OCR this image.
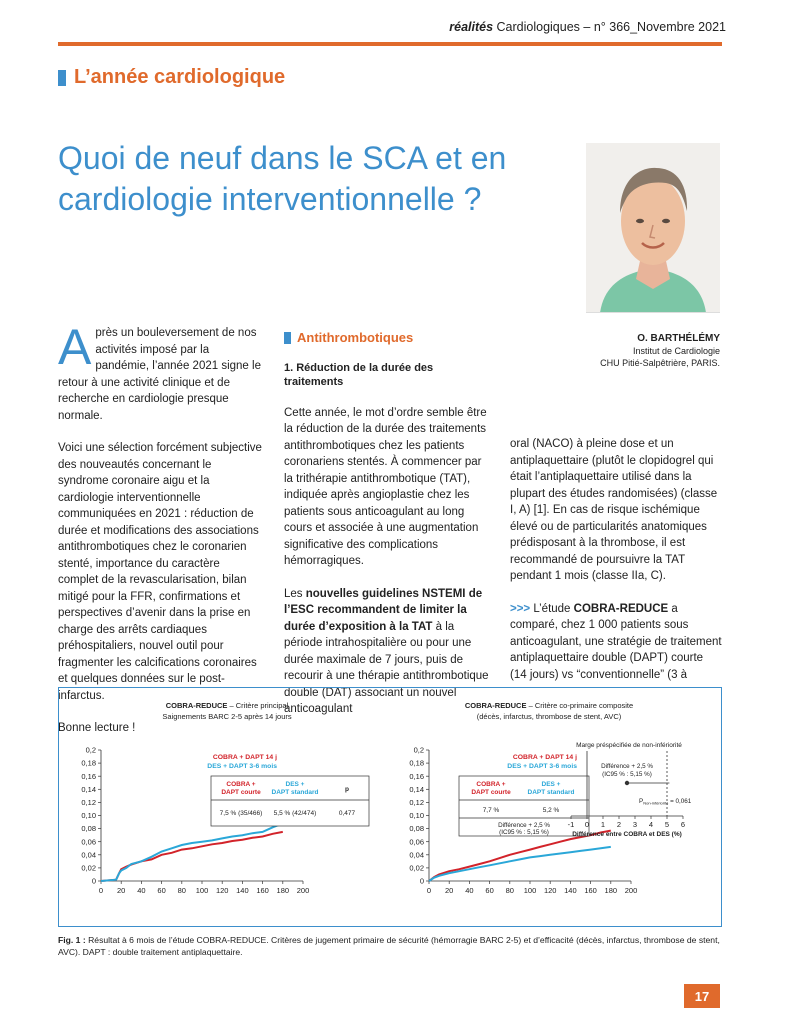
réalités Cardiologiques – n° 366_Novembre 2021
L’année cardiologique
Quoi de neuf dans le SCA et en cardiologie interventionnelle ?
O. BARTHÉLÉMY
Institut de Cardiologie
CHU Pitié-Salpêtrière, PARIS.

Après un bouleversement de nos activités imposé par la pandémie, l’année 2021 signe le retour à une activité clinique et de recherche en cardiologie presque normale.

Voici une sélection forcément subjective des nouveautés concernant le syndrome coronaire aigu et la cardiologie interventionnelle communiquées en 2021 : réduction de durée et modifications des associations antithrombotiques chez le coronarien stenté, importance du caractère complet de la revascularisation, bilan mitigé pour la FFR, confirmations et perspectives d’avenir dans la prise en charge des arrêts cardiaques préhospitaliers, nouvel outil pour fragmenter les calcifications coronaires et quelques données sur le post-infarctus.

Bonne lecture !

Antithrombotiques
1. Réduction de la durée des traitements

Cette année, le mot d’ordre semble être la réduction de la durée des traitements antithrombotiques chez les patients coronariens stentés. À commencer par la trithérapie antithrombotique (TAT), indiquée après angioplastie chez les patients sous anticoagulant au long cours et associée à une augmentation significative des complications hémorragiques.

Les nouvelles guidelines NSTEMI de l’ESC recommandent de limiter la durée d’exposition à la TAT à la période intrahospitalière ou pour une durée maximale de 7 jours, puis de recourir à une thérapie antithrombotique double (DAT) associant un nouvel anticoagulant

oral (NACO) à pleine dose et un antiplaquettaire (plutôt le clopidogrel qui était l’antiplaquettaire utilisé dans la plupart des études randomisées) (classe I, A) [1]. En cas de risque ischémique élevé ou de particularités anatomiques prédisposant à la thrombose, il est recommandé de poursuivre la TAT pendant 1 mois (classe IIa, C).

>>> L’étude COBRA-REDUCE a comparé, chez 1 000 patients sous anticoagulant, une stratégie de traitement antiplaquettaire double (DAPT) courte (14 jours) vs “conventionnelle” (3 à

COBRA-REDUCE – Critère principal
Saignements BARC 2-5 après 14 jours
0 20 40 60 80 100 120 140 160 180 200
0
0,02
0,04
0,06
0,08
0,10
0,12
0,14
0,16
0,18
0,2
COBRA + DAPT 14 j
DES + DAPT 3-6 mois
COBRA +
DAPT courte
DES +
DAPT standard	p
7,5 % (35/466) 5,5 % (42/474)	0,477
COBRA-REDUCE – Critère co-primaire composite
(décès, infarctus, thrombose de stent, AVC)
0 20 40 60 80 100 120 140 160 180 200
0
0,02
0,04
0,06
0,08
0,10
0,12
0,14
0,16
0,18
0,2
COBRA + DAPT 14 j
DES + DAPT 3-6 mois
COBRA +
DAPT courte
DES +
DAPT standard
7,7 %	5,2 %
Différence + 2,5 %
(IC95 % : 5,15 %)
Marge préspécifiée de non-infériorité
-1 0 1 2 3 4 5 6
Différence + 2,5 %
(IC95 % : 5,15 %)
$P_{Non-infériorité} = 0,061$
Différence entre COBRA et DES (%)
Fig. 1 : Résultat à 6 mois de l’étude COBRA-REDUCE. Critères de jugement primaire de sécurité (hémorragie BARC 2-5) et d’efficacité (décès, infarctus, thrombose de stent, AVC). DAPT : double traitement antiplaquettaire.
17
